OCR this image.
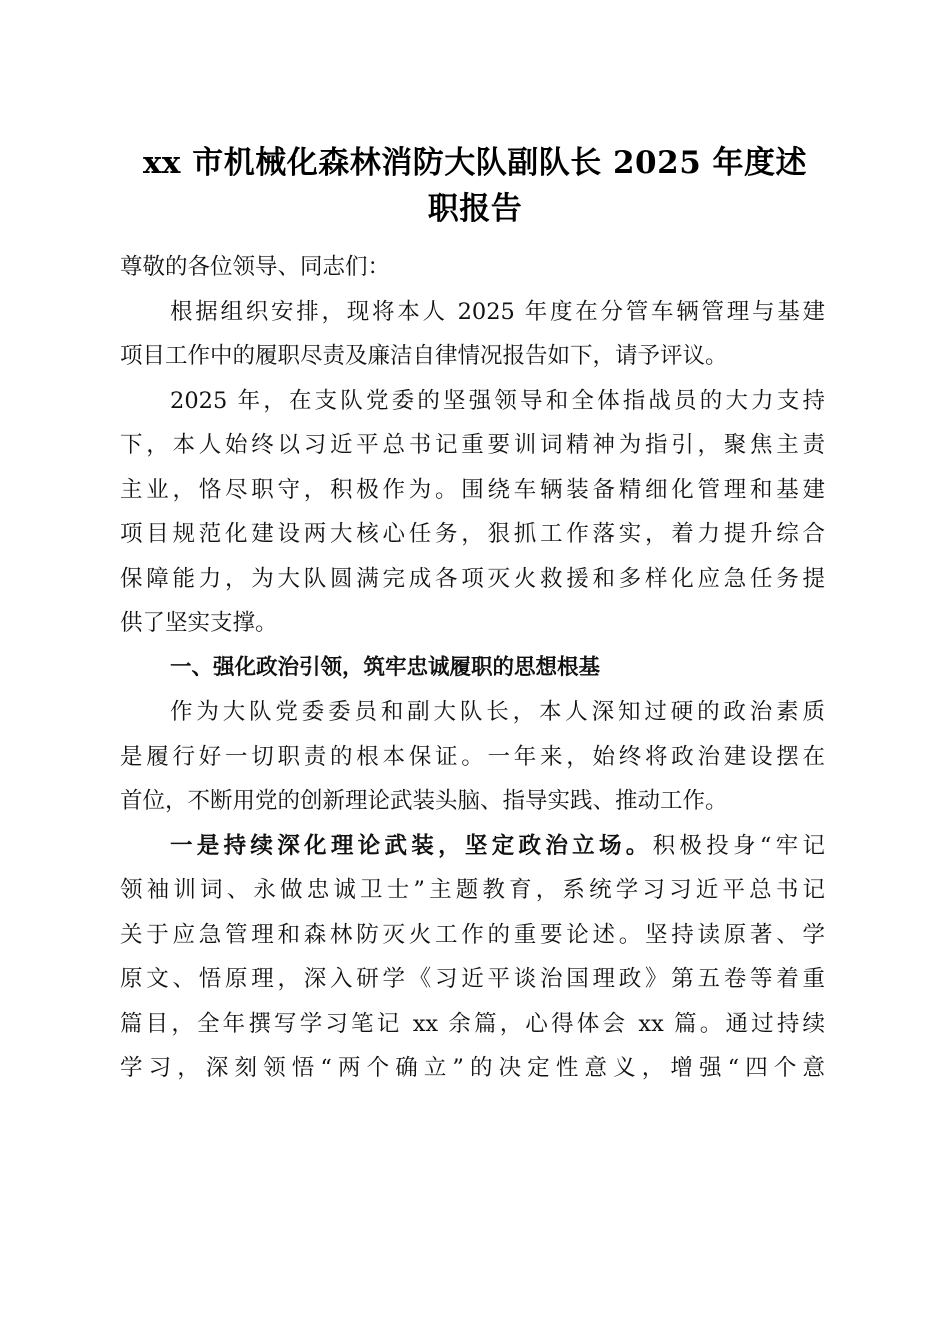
xx 市机械化森林消防大队副队长 2025 年度述
职报告
尊敬的各位领导、同志们：
根据组织安排，现将本人 2025 年度在分管车辆管理与基建
项目工作中的履职尽责及廉洁自律情况报告如下，请予评议。
2025 年，在支队党委的坚强领导和全体指战员的大力支持
下，本人始终以习近平总书记重要训词精神为指引，聚焦主责
主业，恪尽职守，积极作为。围绕车辆装备精细化管理和基建
项目规范化建设两大核心任务，狠抓工作落实，着力提升综合
保障能力，为大队圆满完成各项灭火救援和多样化应急任务提
供了坚实支撑。
一、强化政治引领，筑牢忠诚履职的思想根基
作为大队党委委员和副大队长，本人深知过硬的政治素质
是履行好一切职责的根本保证。一年来，始终将政治建设摆在
首位，不断用党的创新理论武装头脑、指导实践、推动工作。
一是持续深化理论武装，坚定政治立场。积极投身“牢记
领袖训词、永做忠诚卫士”主题教育，系统学习习近平总书记
关于应急管理和森林防灭火工作的重要论述。坚持读原著、学
原文、悟原理，深入研学《习近平谈治国理政》第五卷等着重
篇目，全年撰写学习笔记 xx 余篇，心得体会 xx 篇。通过持续
学习，深刻领悟“两个确立”的决定性意义，增强“四个意
